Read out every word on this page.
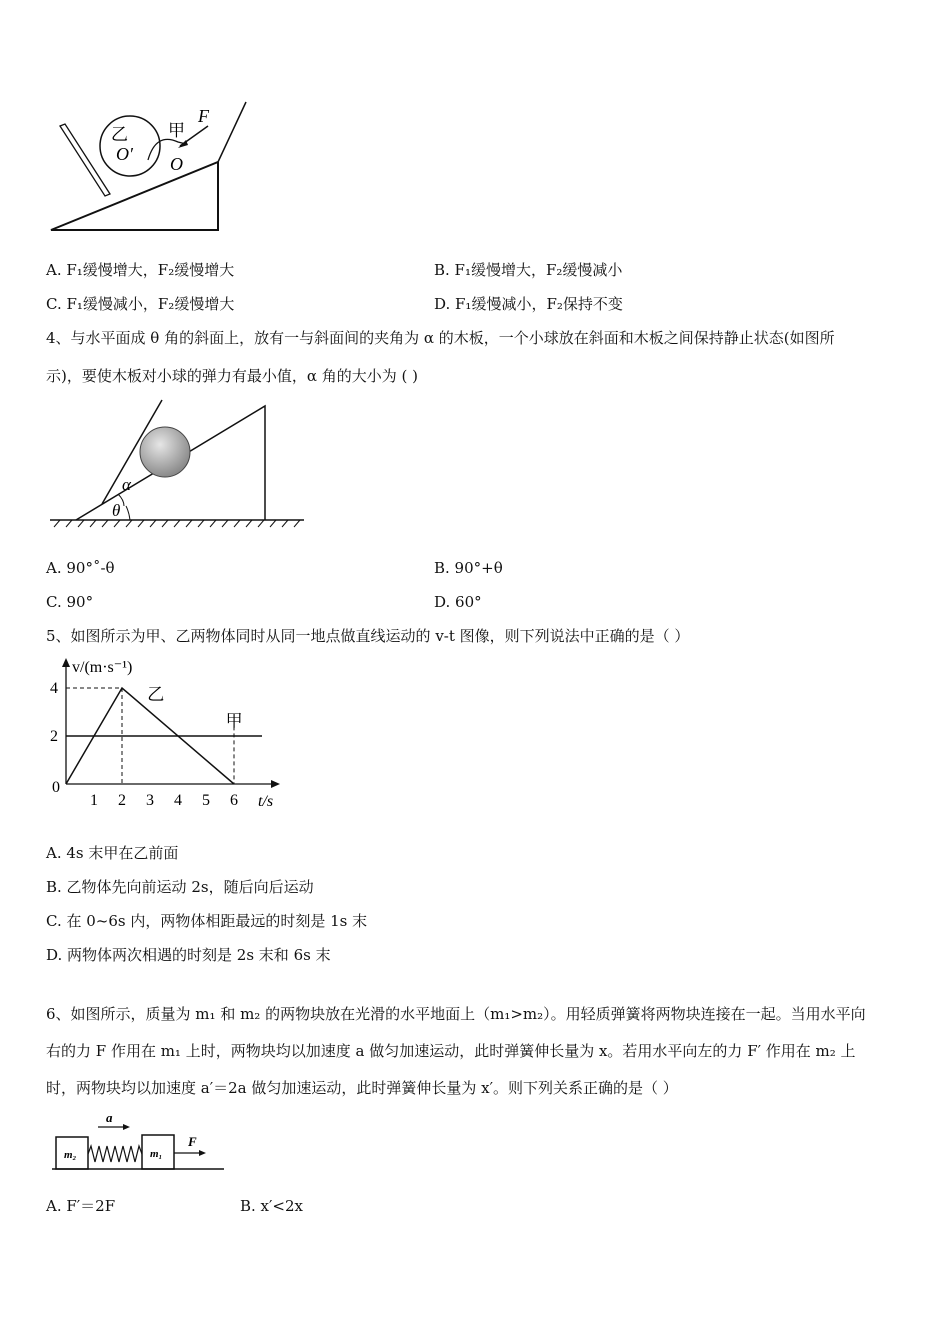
乙 甲
F
O
O′
A. F₁缓慢增大，F₂缓慢增大	B. F₁缓慢增大，F₂缓慢减小
C. F₁缓慢减小，F₂缓慢增大	D. F₁缓慢减小，F₂保持不变
4、与水平面成 θ 角的斜面上，放有一与斜面间的夹角为 α 的木板，一个小球放在斜面和木板之间保持静止状态(如图所
示)，要使木板对小球的弹力有最小值，α 角的大小为 ( )
α
θ
A. 90°˚-θ	B. 90°+θ
C. 90°	D. 60°
5、如图所示为甲、乙两物体同时从同一地点做直线运动的 v-t 图像，则下列说法中正确的是（ ）
v/(m·s⁻¹)
t/s
0
1 2 3 4 5 6
2
4
甲
乙
A. 4s 末甲在乙前面
B. 乙物体先向前运动 2s，随后向后运动
C. 在 0~6s 内，两物体相距最远的时刻是 1s 末
D. 两物体两次相遇的时刻是 2s 末和 6s 末
6、如图所示，质量为 m₁ 和 m₂ 的两物块放在光滑的水平地面上（m₁>m₂）。用轻质弹簧将两物块连接在一起。当用水平向
右的力 F 作用在 m₁ 上时，两物块均以加速度 a 做匀加速运动，此时弹簧伸长量为 x。若用水平向左的力 F′ 作用在 m₂ 上
时，两物块均以加速度 a′＝2a 做匀加速运动，此时弹簧伸长量为 x′。则下列关系正确的是（ ）
a
F
m₂	m₁
A. F′＝2F	B. x′<2x
